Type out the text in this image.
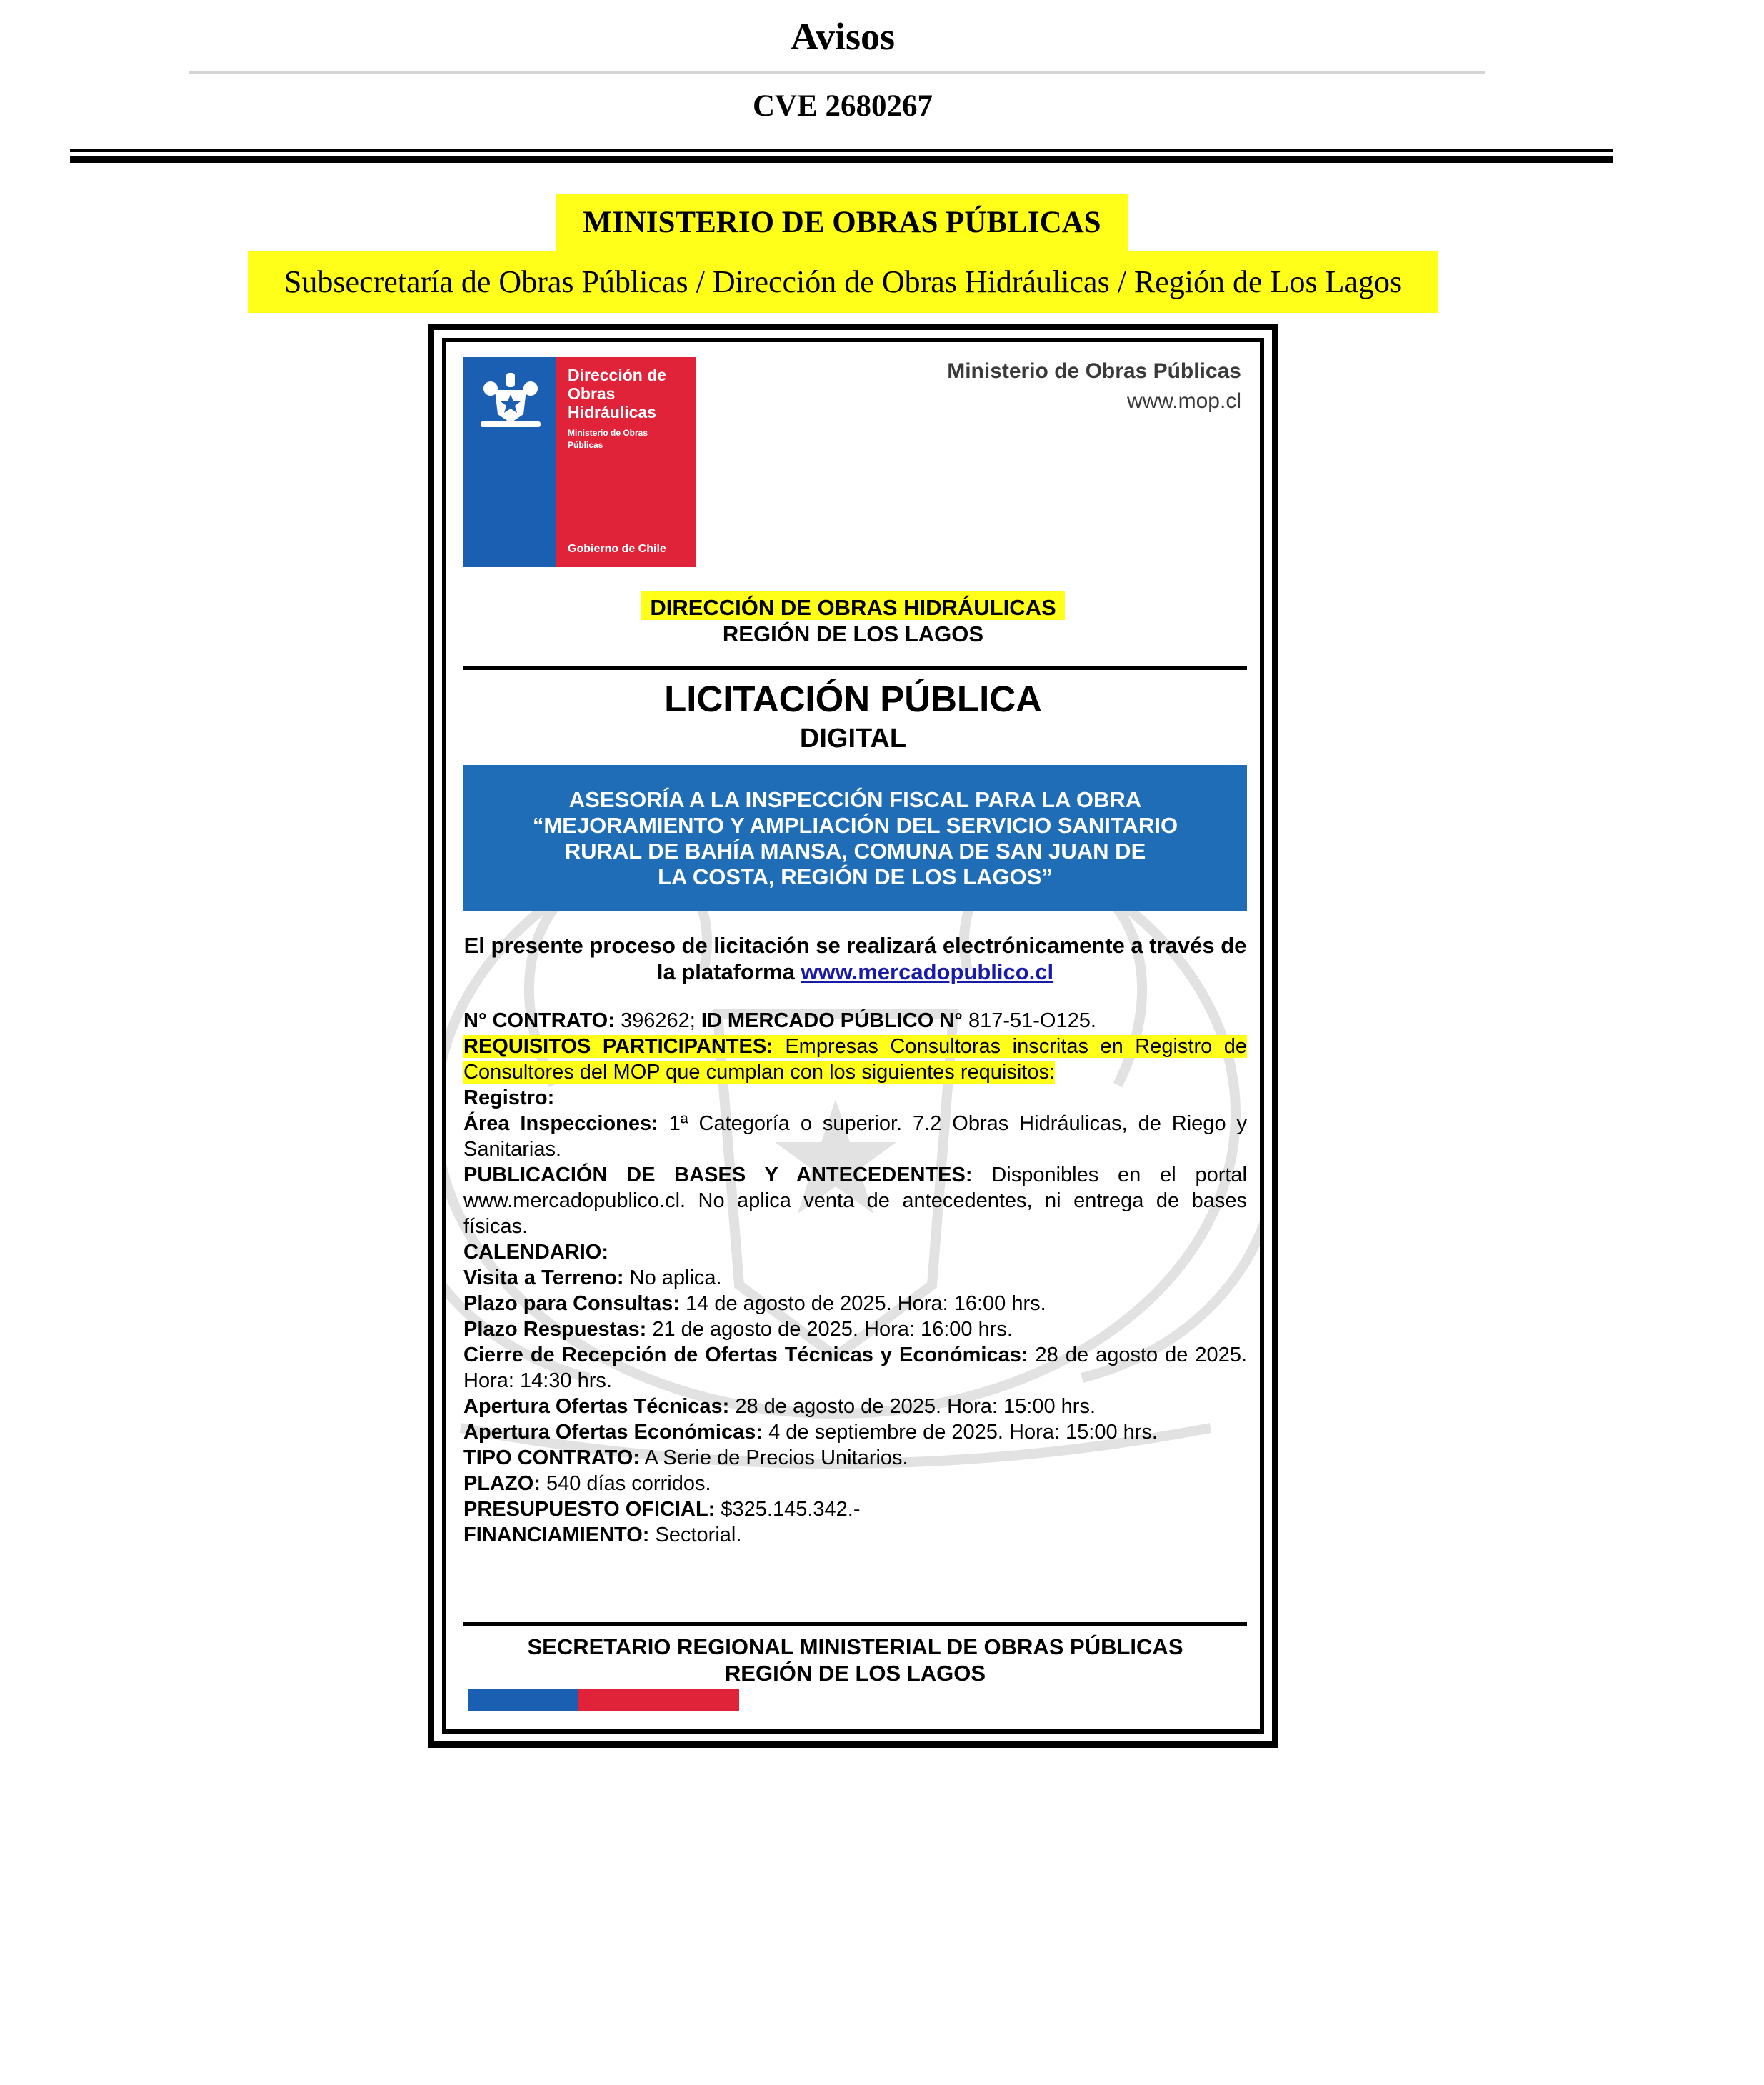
Avisos
CVE 2680267
MINISTERIO DE OBRAS PÚBLICAS
Subsecretaría de Obras Públicas / Dirección de Obras Hidráulicas / Región de Los Lagos
Dirección de
Obras
Hidráulicas
Ministerio de Obras
Públicas
Gobierno de Chile
Ministerio de Obras Públicas
www.mop.cl
DIRECCIÓN DE OBRAS HIDRÁULICAS
REGIÓN DE LOS LAGOS
LICITACIÓN PÚBLICA
DIGITAL
ASESORÍA A LA INSPECCIÓN FISCAL PARA LA OBRA
“MEJORAMIENTO Y AMPLIACIÓN DEL SERVICIO SANITARIO
RURAL DE BAHÍA MANSA, COMUNA DE SAN JUAN DE
LA COSTA, REGIÓN DE LOS LAGOS”
El presente proceso de licitación se realizará electrónicamente a través de la plataforma www.mercadopublico.cl

N° CONTRATO: 396262; ID MERCADO PÚBLICO N° 817-51-O125.

REQUISITOS PARTICIPANTES: Empresas Consultoras inscritas en Registro de Consultores del MOP que cumplan con los siguientes requisitos:

Registro:

Área Inspecciones: 1ª Categoría o superior. 7.2 Obras Hidráulicas, de Riego y Sanitarias.

PUBLICACIÓN DE BASES Y ANTECEDENTES: Disponibles en el portal www.mercadopublico.cl. No aplica venta de antecedentes, ni entrega de bases físicas.

CALENDARIO:

Visita a Terreno: No aplica.

Plazo para Consultas: 14 de agosto de 2025. Hora: 16:00 hrs.

Plazo Respuestas: 21 de agosto de 2025. Hora: 16:00 hrs.

Cierre de Recepción de Ofertas Técnicas y Económicas: 28 de agosto de 2025. Hora: 14:30 hrs.

Apertura Ofertas Técnicas: 28 de agosto de 2025. Hora: 15:00 hrs.

Apertura Ofertas Económicas: 4 de septiembre de 2025. Hora: 15:00 hrs.

TIPO CONTRATO: A Serie de Precios Unitarios.

PLAZO: 540 días corridos.

PRESUPUESTO OFICIAL: $325.145.342.-

FINANCIAMIENTO: Sectorial.

SECRETARIO REGIONAL MINISTERIAL DE OBRAS PÚBLICAS
REGIÓN DE LOS LAGOS
